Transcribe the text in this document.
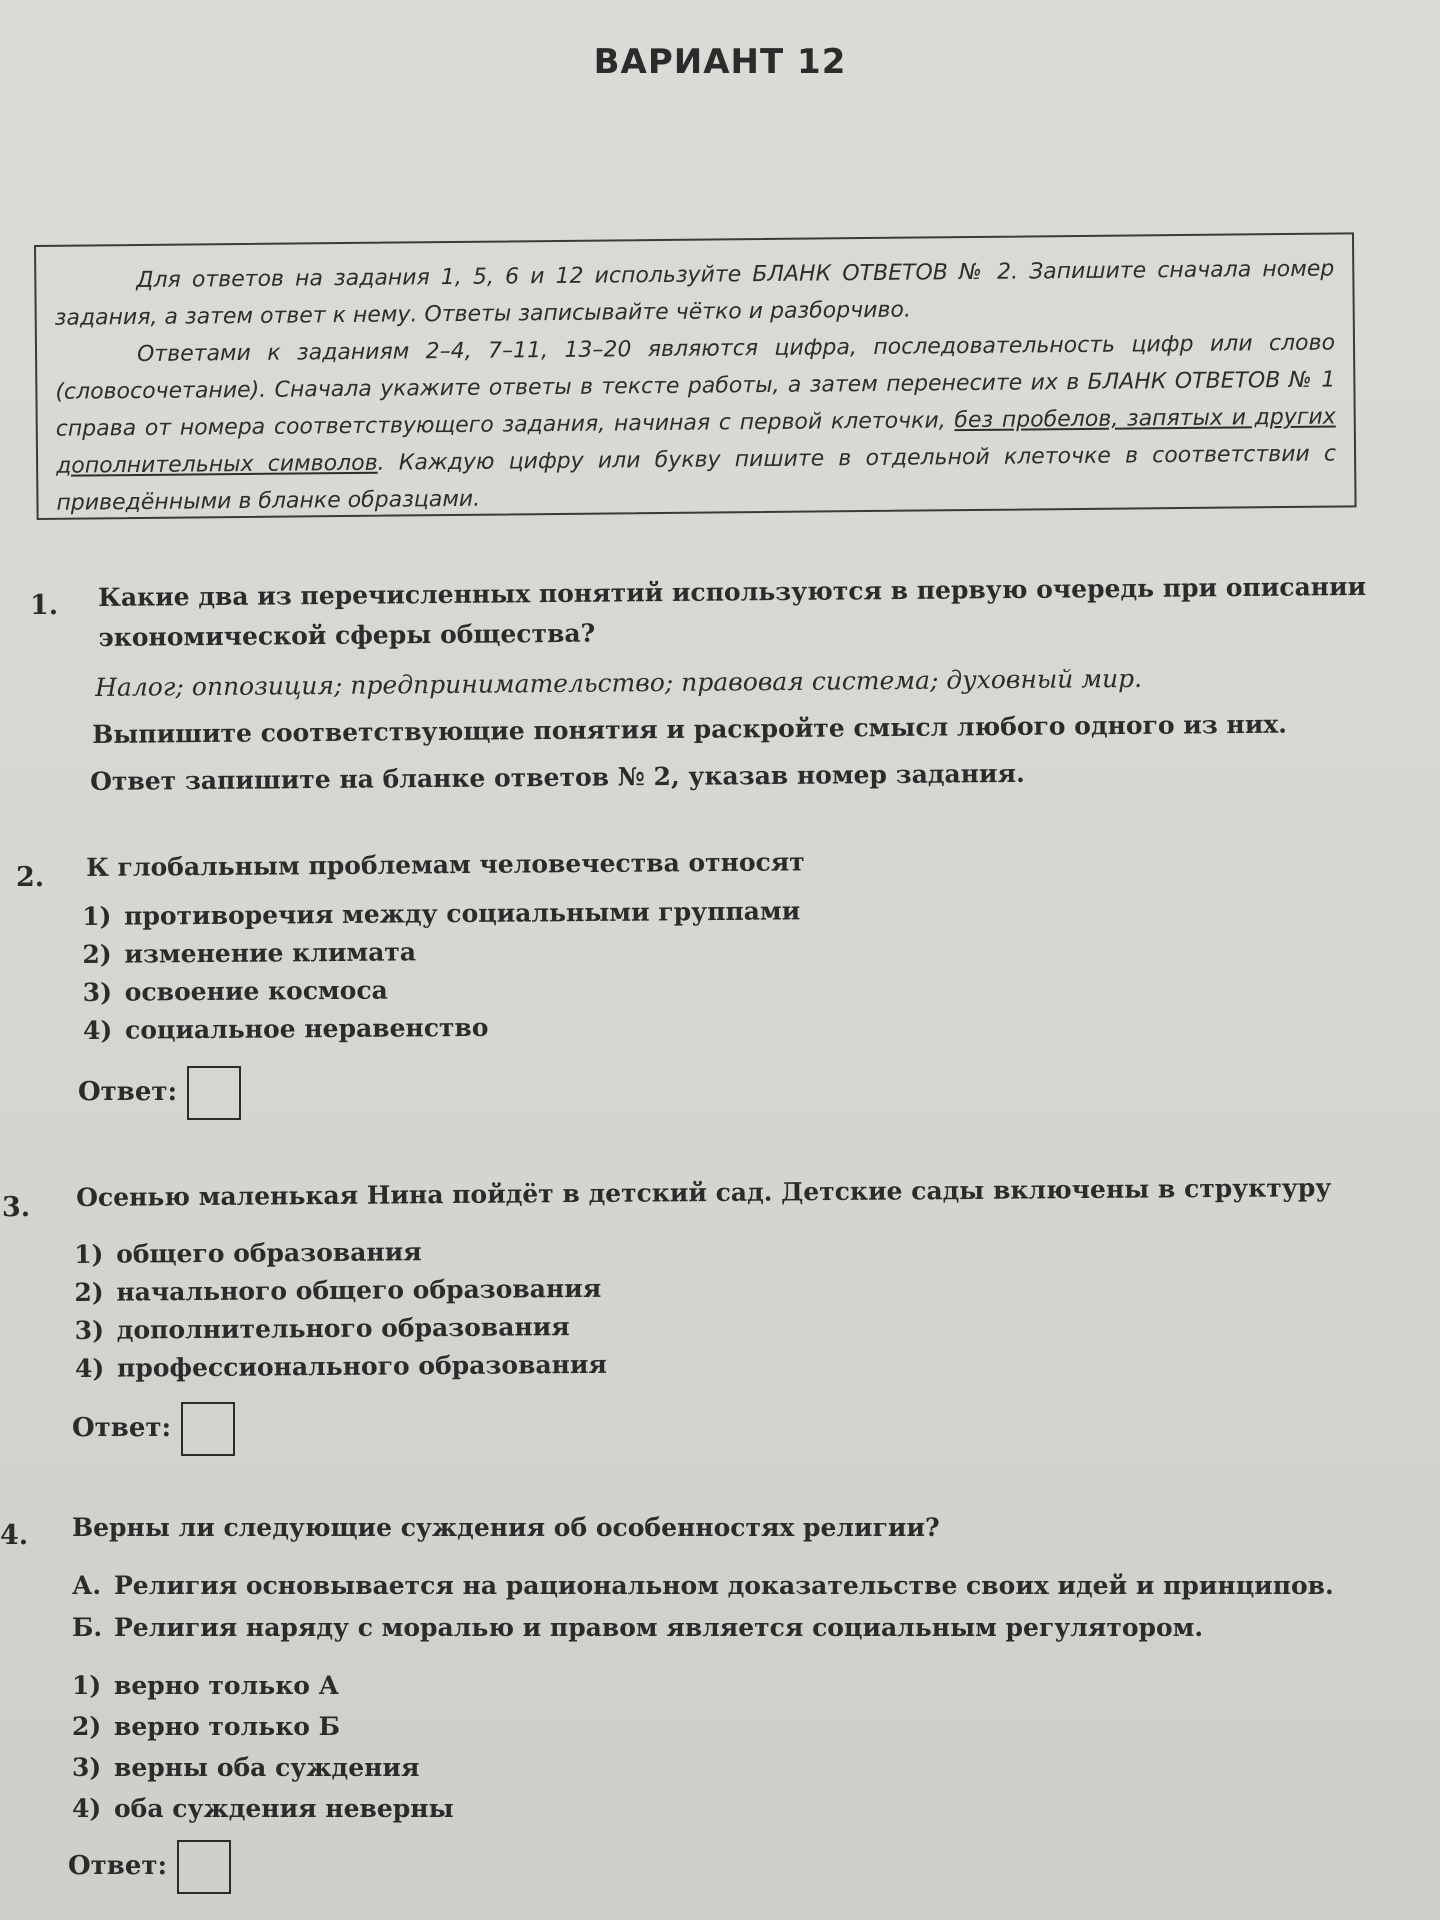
ВАРИАНТ 12

Для ответов на задания 1, 5, 6 и 12 используйте БЛАНК ОТВЕТОВ № 2. Запишите сначала номер задания, а затем ответ к нему. Ответы записывайте чётко и разборчиво.

Ответами к заданиям 2–4, 7–11, 13–20 являются цифра, последовательность цифр или слово (словосочетание). Сначала укажите ответы в тексте работы, а затем перенесите их в БЛАНК ОТВЕТОВ № 1 справа от номера соответствующего задания, начиная с первой клеточки, без пробелов, запятых и других дополнительных символов. Каждую цифру или букву пишите в отдельной клеточке в соответствии с приведёнными в бланке образцами.

1. Какие два из перечисленных понятий используются в первую очередь при описании экономической сферы общества?
Налог; оппозиция; предпринимательство; правовая система; духовный мир.
Выпишите соответствующие понятия и раскройте смысл любого одного из них.
Ответ запишите на бланке ответов № 2, указав номер задания.
2. К глобальным проблемам человечества относят
1) противоречия между социальными группами
2) изменение климата
3) освоение космоса
4) социальное неравенство
Ответ:
3. Осенью маленькая Нина пойдёт в детский сад. Детские сады включены в структуру
1) общего образования
2) начального общего образования
3) дополнительного образования
4) профессионального образования
Ответ:
4. Верны ли следующие суждения об особенностях религии?
А. Религия основывается на рациональном доказательстве своих идей и принципов.
Б. Религия наряду с моралью и правом является социальным регулятором.
1) верно только А
2) верно только Б
3) верны оба суждения
4) оба суждения неверны
Ответ:
